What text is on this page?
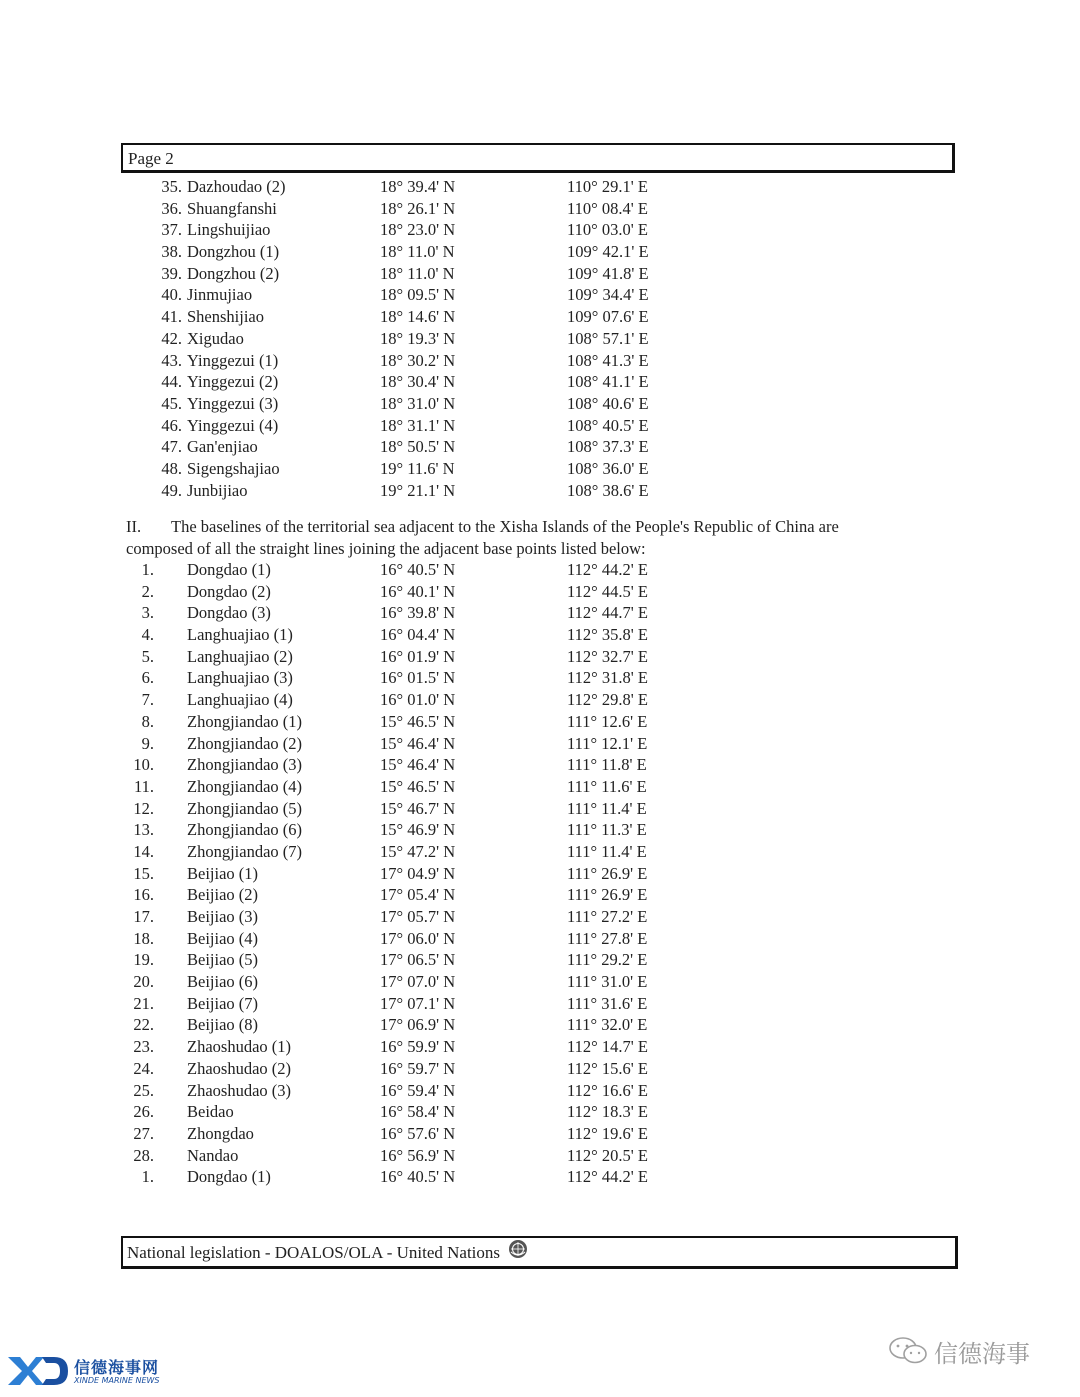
Page 2
35. Dazhoudao (2)	18° 39.4' N	110° 29.1' E
36. Shuangfanshi	18° 26.1' N	110° 08.4' E
37. Lingshuijiao	18° 23.0' N	110° 03.0' E
38. Dongzhou (1)	18° 11.0' N	109° 42.1' E
39. Dongzhou (2)	18° 11.0' N	109° 41.8' E
40. Jinmujiao	18° 09.5' N	109° 34.4' E
41. Shenshijiao	18° 14.6' N	109° 07.6' E
42. Xigudao	18° 19.3' N	108° 57.1' E
43. Yinggezui (1)	18° 30.2' N	108° 41.3' E
44. Yinggezui (2)	18° 30.4' N	108° 41.1' E
45. Yinggezui (3)	18° 31.0' N	108° 40.6' E
46. Yinggezui (4)	18° 31.1' N	108° 40.5' E
47. Gan'enjiao	18° 50.5' N	108° 37.3' E
48. Sigengshajiao	19° 11.6' N	108° 36.0' E
49. Junbijiao	19° 21.1' N	108° 38.6' E
II. The baselines of the territorial sea adjacent to the Xisha Islands of the People's Republic of China are
composed of all the straight lines joining the adjacent base points listed below:
1. Dongdao (1)	16° 40.5' N	112° 44.2' E
2. Dongdao (2)	16° 40.1' N	112° 44.5' E
3. Dongdao (3)	16° 39.8' N	112° 44.7' E
4. Langhuajiao (1)	16° 04.4' N	112° 35.8' E
5. Langhuajiao (2)	16° 01.9' N	112° 32.7' E
6. Langhuajiao (3)	16° 01.5' N	112° 31.8' E
7. Langhuajiao (4)	16° 01.0' N	112° 29.8' E
8. Zhongjiandao (1)	15° 46.5' N	111° 12.6' E
9. Zhongjiandao (2)	15° 46.4' N	111° 12.1' E
10. Zhongjiandao (3)	15° 46.4' N	111° 11.8' E
11. Zhongjiandao (4)	15° 46.5' N	111° 11.6' E
12. Zhongjiandao (5)	15° 46.7' N	111° 11.4' E
13. Zhongjiandao (6)	15° 46.9' N	111° 11.3' E
14. Zhongjiandao (7)	15° 47.2' N	111° 11.4' E
15. Beijiao (1)	17° 04.9' N	111° 26.9' E
16. Beijiao (2)	17° 05.4' N	111° 26.9' E
17. Beijiao (3)	17° 05.7' N	111° 27.2' E
18. Beijiao (4)	17° 06.0' N	111° 27.8' E
19. Beijiao (5)	17° 06.5' N	111° 29.2' E
20. Beijiao (6)	17° 07.0' N	111° 31.0' E
21. Beijiao (7)	17° 07.1' N	111° 31.6' E
22. Beijiao (8)	17° 06.9' N	111° 32.0' E
23. Zhaoshudao (1)	16° 59.9' N	112° 14.7' E
24. Zhaoshudao (2)	16° 59.7' N	112° 15.6' E
25. Zhaoshudao (3)	16° 59.4' N	112° 16.6' E
26. Beidao	16° 58.4' N	112° 18.3' E
27. Zhongdao	16° 57.6' N	112° 19.6' E
28. Nandao	16° 56.9' N	112° 20.5' E
1. Dongdao (1)	16° 40.5' N	112° 44.2' E
National legislation - DOALOS/OLA - United Nations
信德海事网
XINDE MARINE NEWS
信德海事
